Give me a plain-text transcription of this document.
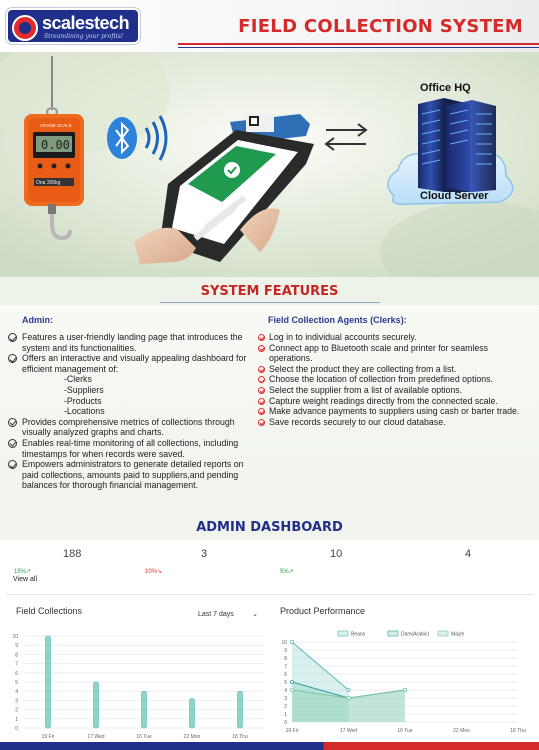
scalestech
Streamlining your profits!	FIELD COLLECTION SYSTEM
CRANE SCALE
0.00
Ona 300kg
Office HQ
Cloud Server
SYSTEM FEATURES
Admin:
Features a user-friendly landing page that introduces the system and its functionalities.
Offers an interactive and visually appealing dashboard for efficient management of:
-Clerks
-Suppliers
-Products
-Locations
Provides comprehensive metrics of collections through visually analyzed graphs and charts.
Enables real-time monitoring of all collections, including timestamps for when records were saved.
Empowers administrators to generate detailed reports on paid collections, amounts paid to suppliers,and pending balances for thorough financial management.
Field Collection Agents (Clerks):
Log in to individual accounts securely.
Connect app to Bluetooth scale and printer for seamless operations.
Select the product they are collecting from a list.
Choose the location of collection from predefined options.
Select the supplier from a list of available options.
Capture weight readings directly from the connected scale.
Make advance payments to suppliers using cash or barter trade.
Save records securely to our cloud database.
ADMIN DASHBOARD
188	3	10	4
15%↗	10%↘	5%↗
View all
Field Collections	Last 7 days	⌄ Product Performance
0
1
2
3
4
5
6
7
8
9
10
19 Fri	17 Wed	16 Tue	22 Mon	18 Thu
0
1
2
3
4
5
6
7
8
9
10
19 Fri	17 Wed	16 Tue	22 Mon	18 Thu
Beans	Dam(Arabic)	Maize
